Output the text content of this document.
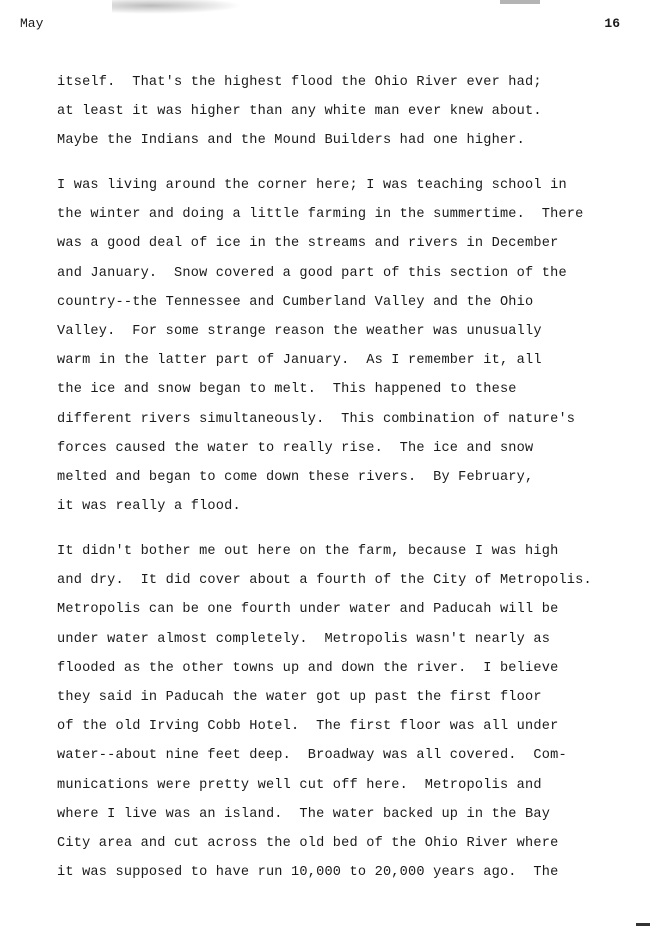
May	16
itself.  That's the highest flood the Ohio River ever had;
at least it was higher than any white man ever knew about.
Maybe the Indians and the Mound Builders had one higher.
I was living around the corner here; I was teaching school in
the winter and doing a little farming in the summertime.  There
was a good deal of ice in the streams and rivers in December
and January.  Snow covered a good part of this section of the
country--the Tennessee and Cumberland Valley and the Ohio
Valley.  For some strange reason the weather was unusually
warm in the latter part of January.  As I remember it, all
the ice and snow began to melt.  This happened to these
different rivers simultaneously.  This combination of nature's
forces caused the water to really rise.  The ice and snow
melted and began to come down these rivers.  By February,
it was really a flood.
It didn't bother me out here on the farm, because I was high
and dry.  It did cover about a fourth of the City of Metropolis.
Metropolis can be one fourth under water and Paducah will be
under water almost completely.  Metropolis wasn't nearly as
flooded as the other towns up and down the river.  I believe
they said in Paducah the water got up past the first floor
of the old Irving Cobb Hotel.  The first floor was all under
water--about nine feet deep.  Broadway was all covered.  Com-
munications were pretty well cut off here.  Metropolis and
where I live was an island.  The water backed up in the Bay
City area and cut across the old bed of the Ohio River where
it was supposed to have run 10,000 to 20,000 years ago.  The
